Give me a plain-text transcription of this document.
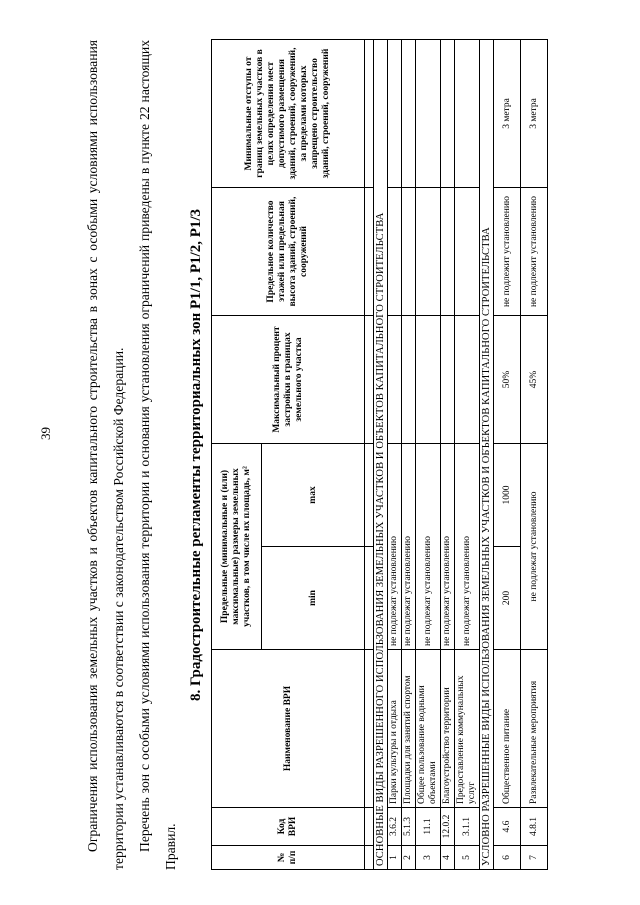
39	Ограничения использования земельных участков и объектов капитального строительства в зонах с особыми условиями использования территории устанавливаются в соответствии с законодательством Российской Федерации. Перечень зон с особыми условиями использования территории и основания установления ограничений приведены в пункте 22 настоящих Правил.
8. Градостроительные регламенты территориальных зон Р1/1, Р1/2, Р1/3
№ п/п	Код ВРИ	Наименование ВРИ	Предельные (минимальные и (или) максимальные) размеры земельных участков, в том числе их площадь, м²		Максимальный процент застройки в границах земельного участка	Предельное количество этажей или предельная высота зданий, строений, сооружений	Минимальные отступы от границ земельных участков в целях определения мест допустимого размещения зданий, строений, сооружений, за пределами которых запрещено строительство зданий, строений, сооружений
			min	max			

ОСНОВНЫЕ ВИДЫ РАЗРЕШЕННОГО ИСПОЛЬЗОВАНИЯ ЗЕМЕЛЬНЫХ УЧАСТКОВ И ОБЪЕКТОВ КАПИТАЛЬНОГО СТРОИТЕЛЬСТВА							
1	3.6.2	Парки культуры и отдыха	не подлежат установлению				
2	5.1.3	Площадки для занятий спортом	не подлежат установлению				
3	11.1	Общее пользование водными объектами	не подлежат установлению				
4	12.0.2	Благоустройство территории	не подлежат установлению				
5	3.1.1	Предоставление коммунальных услуг	не подлежат установлению				
УСЛОВНО РАЗРЕШЕННЫЕ ВИДЫ ИСПОЛЬЗОВАНИЯ ЗЕМЕЛЬНЫХ УЧАСТКОВ И ОБЪЕКТОВ КАПИТАЛЬНОГО СТРОИТЕЛЬСТВА							
6	4.6	Общественное питание	200	1000	50%	не подлежит установлению	3 метра
7	4.8.1	Развлекательные мероприятия	не подлежат установлению		45%	не подлежит установлению	3 метра
